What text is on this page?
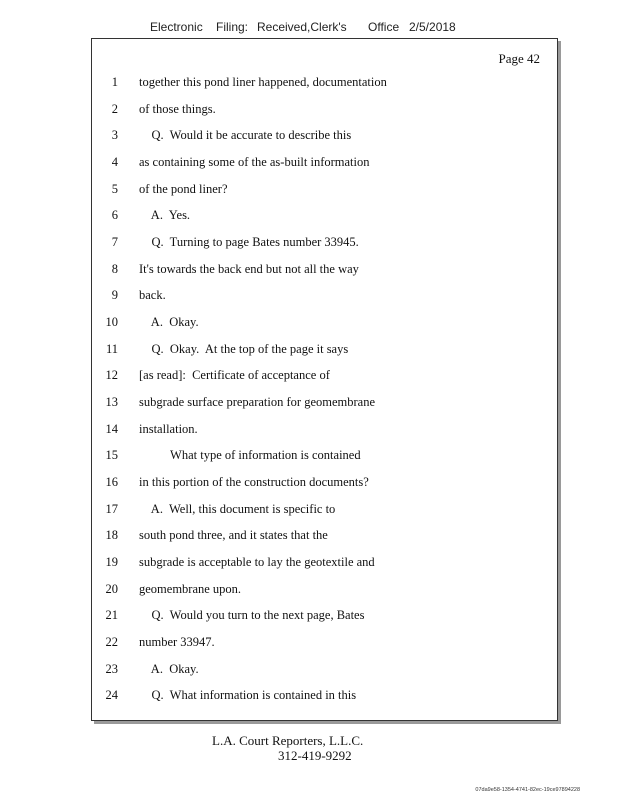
Electronic Filing: Received,Clerk's Office 2/5/2018
Page 42
1 together this pond liner happened, documentation
2 of those things.
3 Q.  Would it be accurate to describe this
4 as containing some of the as-built information
5 of the pond liner?
6 A.  Yes.
7 Q.  Turning to page Bates number 33945.
8 It's towards the back end but not all the way
9 back.
10 A.  Okay.
11 Q.  Okay.  At the top of the page it says
12 [as read]:  Certificate of acceptance of
13 subgrade surface preparation for geomembrane
14 installation.
15 What type of information is contained
16 in this portion of the construction documents?
17 A.  Well, this document is specific to
18 south pond three, and it states that the
19 subgrade is acceptable to lay the geotextile and
20 geomembrane upon.
21 Q.  Would you turn to the next page, Bates
22 number 33947.
23 A.  Okay.
24 Q.  What information is contained in this
L.A. Court Reporters, L.L.C.
312-419-9292
07da9e58-1354-4741-82ec-19ce97894228
